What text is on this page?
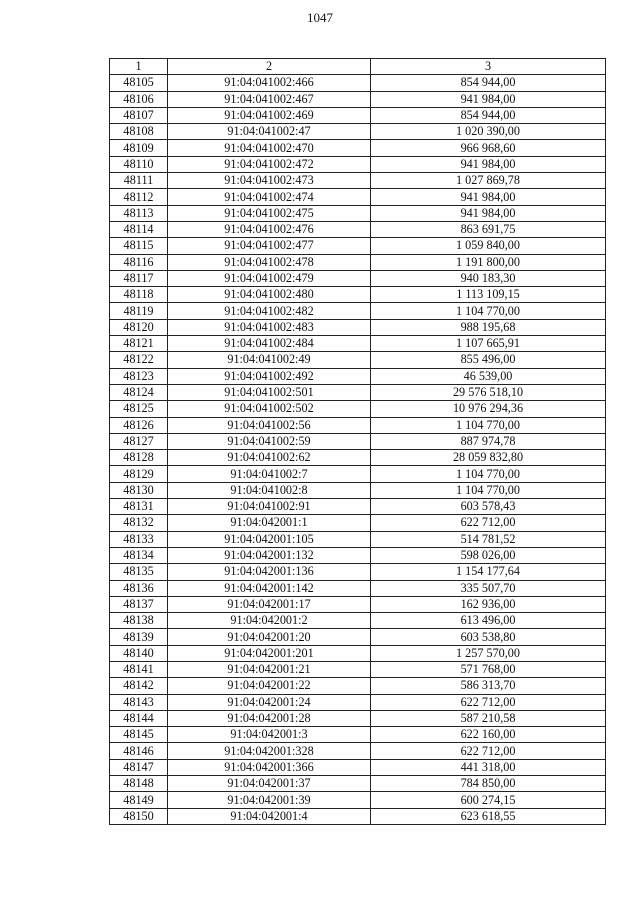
1047
1	2	3
48105	91:04:041002:466	854 944,00
48106	91:04:041002:467	941 984,00
48107	91:04:041002:469	854 944,00
48108	91:04:041002:47	1 020 390,00
48109	91:04:041002:470	966 968,60
48110	91:04:041002:472	941 984,00
48111	91:04:041002:473	1 027 869,78
48112	91:04:041002:474	941 984,00
48113	91:04:041002:475	941 984,00
48114	91:04:041002:476	863 691,75
48115	91:04:041002:477	1 059 840,00
48116	91:04:041002:478	1 191 800,00
48117	91:04:041002:479	940 183,30
48118	91:04:041002:480	1 113 109,15
48119	91:04:041002:482	1 104 770,00
48120	91:04:041002:483	988 195,68
48121	91:04:041002:484	1 107 665,91
48122	91:04:041002:49	855 496,00
48123	91:04:041002:492	46 539,00
48124	91:04:041002:501	29 576 518,10
48125	91:04:041002:502	10 976 294,36
48126	91:04:041002:56	1 104 770,00
48127	91:04:041002:59	887 974,78
48128	91:04:041002:62	28 059 832,80
48129	91:04:041002:7	1 104 770,00
48130	91:04:041002:8	1 104 770,00
48131	91:04:041002:91	603 578,43
48132	91:04:042001:1	622 712,00
48133	91:04:042001:105	514 781,52
48134	91:04:042001:132	598 026,00
48135	91:04:042001:136	1 154 177,64
48136	91:04:042001:142	335 507,70
48137	91:04:042001:17	162 936,00
48138	91:04:042001:2	613 496,00
48139	91:04:042001:20	603 538,80
48140	91:04:042001:201	1 257 570,00
48141	91:04:042001:21	571 768,00
48142	91:04:042001:22	586 313,70
48143	91:04:042001:24	622 712,00
48144	91:04:042001:28	587 210,58
48145	91:04:042001:3	622 160,00
48146	91:04:042001:328	622 712,00
48147	91:04:042001:366	441 318,00
48148	91:04:042001:37	784 850,00
48149	91:04:042001:39	600 274,15
48150	91:04:042001:4	623 618,55
